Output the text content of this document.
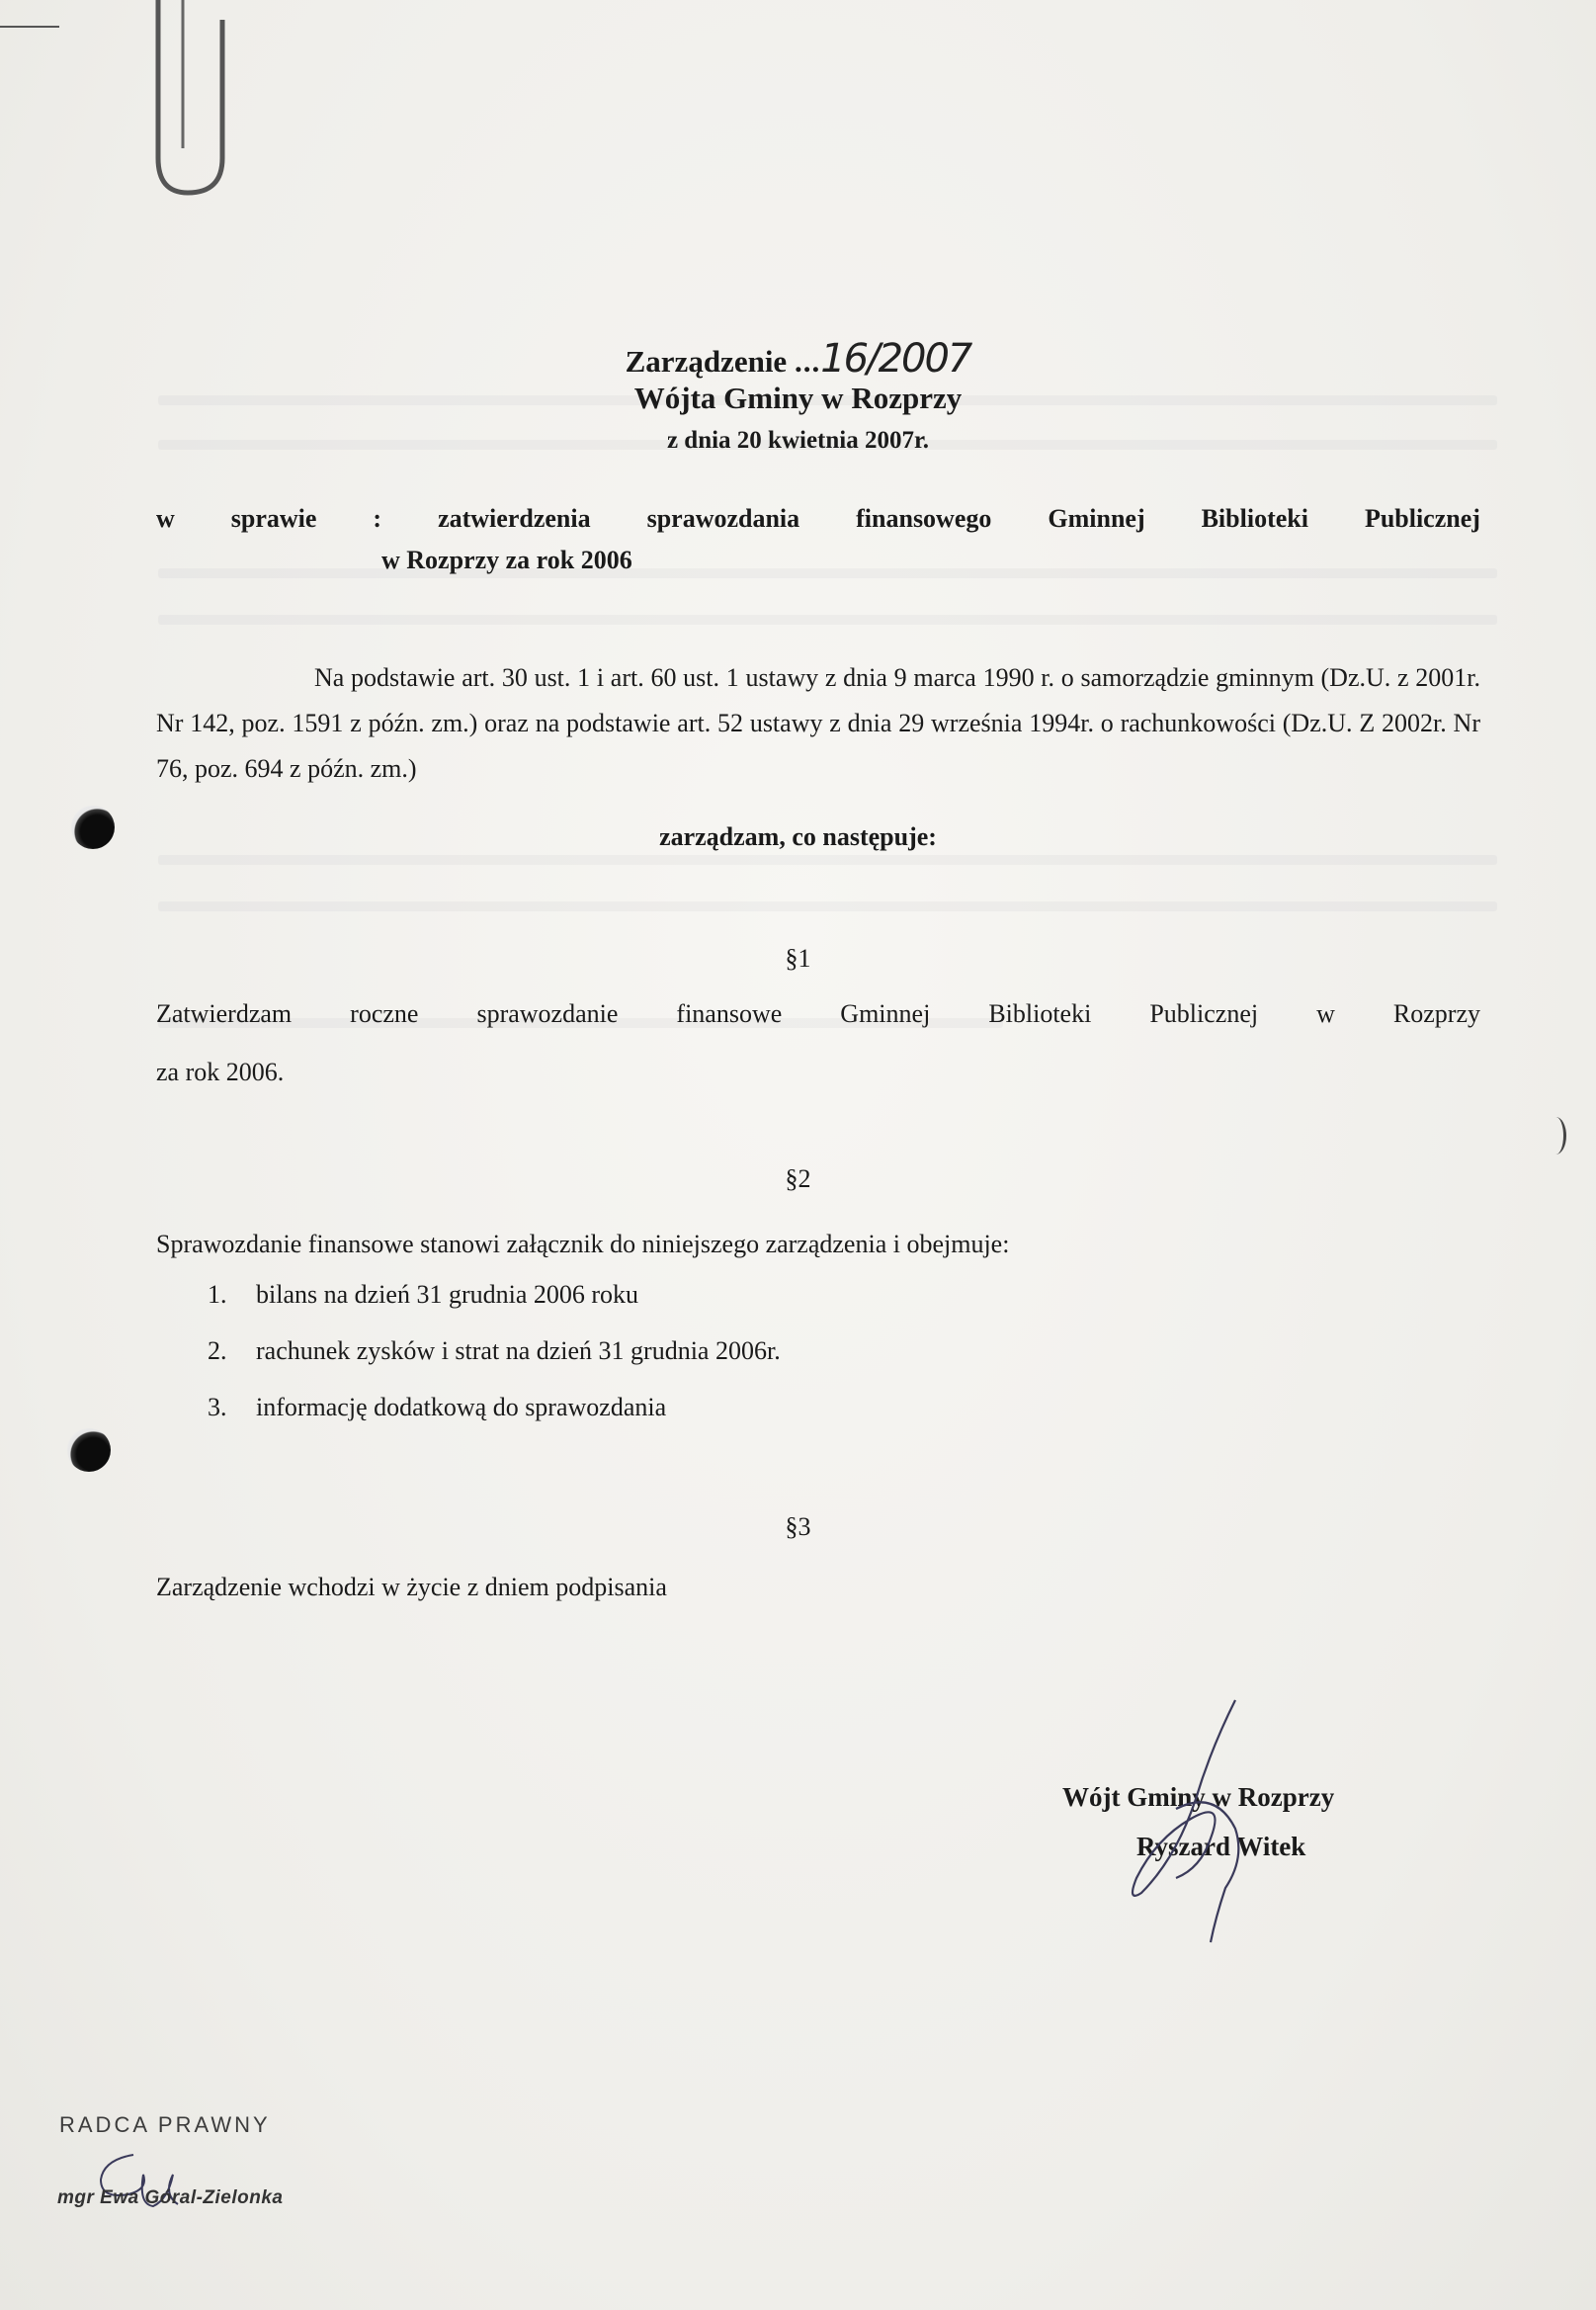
Zarządzenie ...16/2007
Wójta Gminy w Rozprzy
z dnia 20 kwietnia 2007r.
w sprawie : zatwierdzenia sprawozdania finansowego Gminnej Biblioteki Publicznej
w Rozprzy za rok 2006
Na podstawie art. 30 ust. 1 i art. 60 ust. 1 ustawy z dnia 9 marca 1990 r. o samorządzie gminnym (Dz.U. z 2001r. Nr 142, poz. 1591 z późn. zm.) oraz na podstawie art. 52 ustawy z dnia 29 września 1994r. o rachunkowości (Dz.U. Z 2002r. Nr 76, poz. 694 z późn. zm.)
zarządzam, co następuje:
§1
Zatwierdzam roczne sprawozdanie finansowe Gminnej Biblioteki Publicznej w Rozprzy
za rok 2006.
§2
Sprawozdanie finansowe stanowi załącznik do niniejszego zarządzenia i obejmuje:
1. bilans na dzień 31 grudnia 2006 roku
2. rachunek zysków i strat na dzień 31 grudnia 2006r.
3. informację dodatkową do sprawozdania
§3
Zarządzenie wchodzi w życie z dniem podpisania
Wójt Gminy w Rozprzy
Ryszard Witek
RADCA PRAWNY
mgr Ewa Góral-Zielonka
